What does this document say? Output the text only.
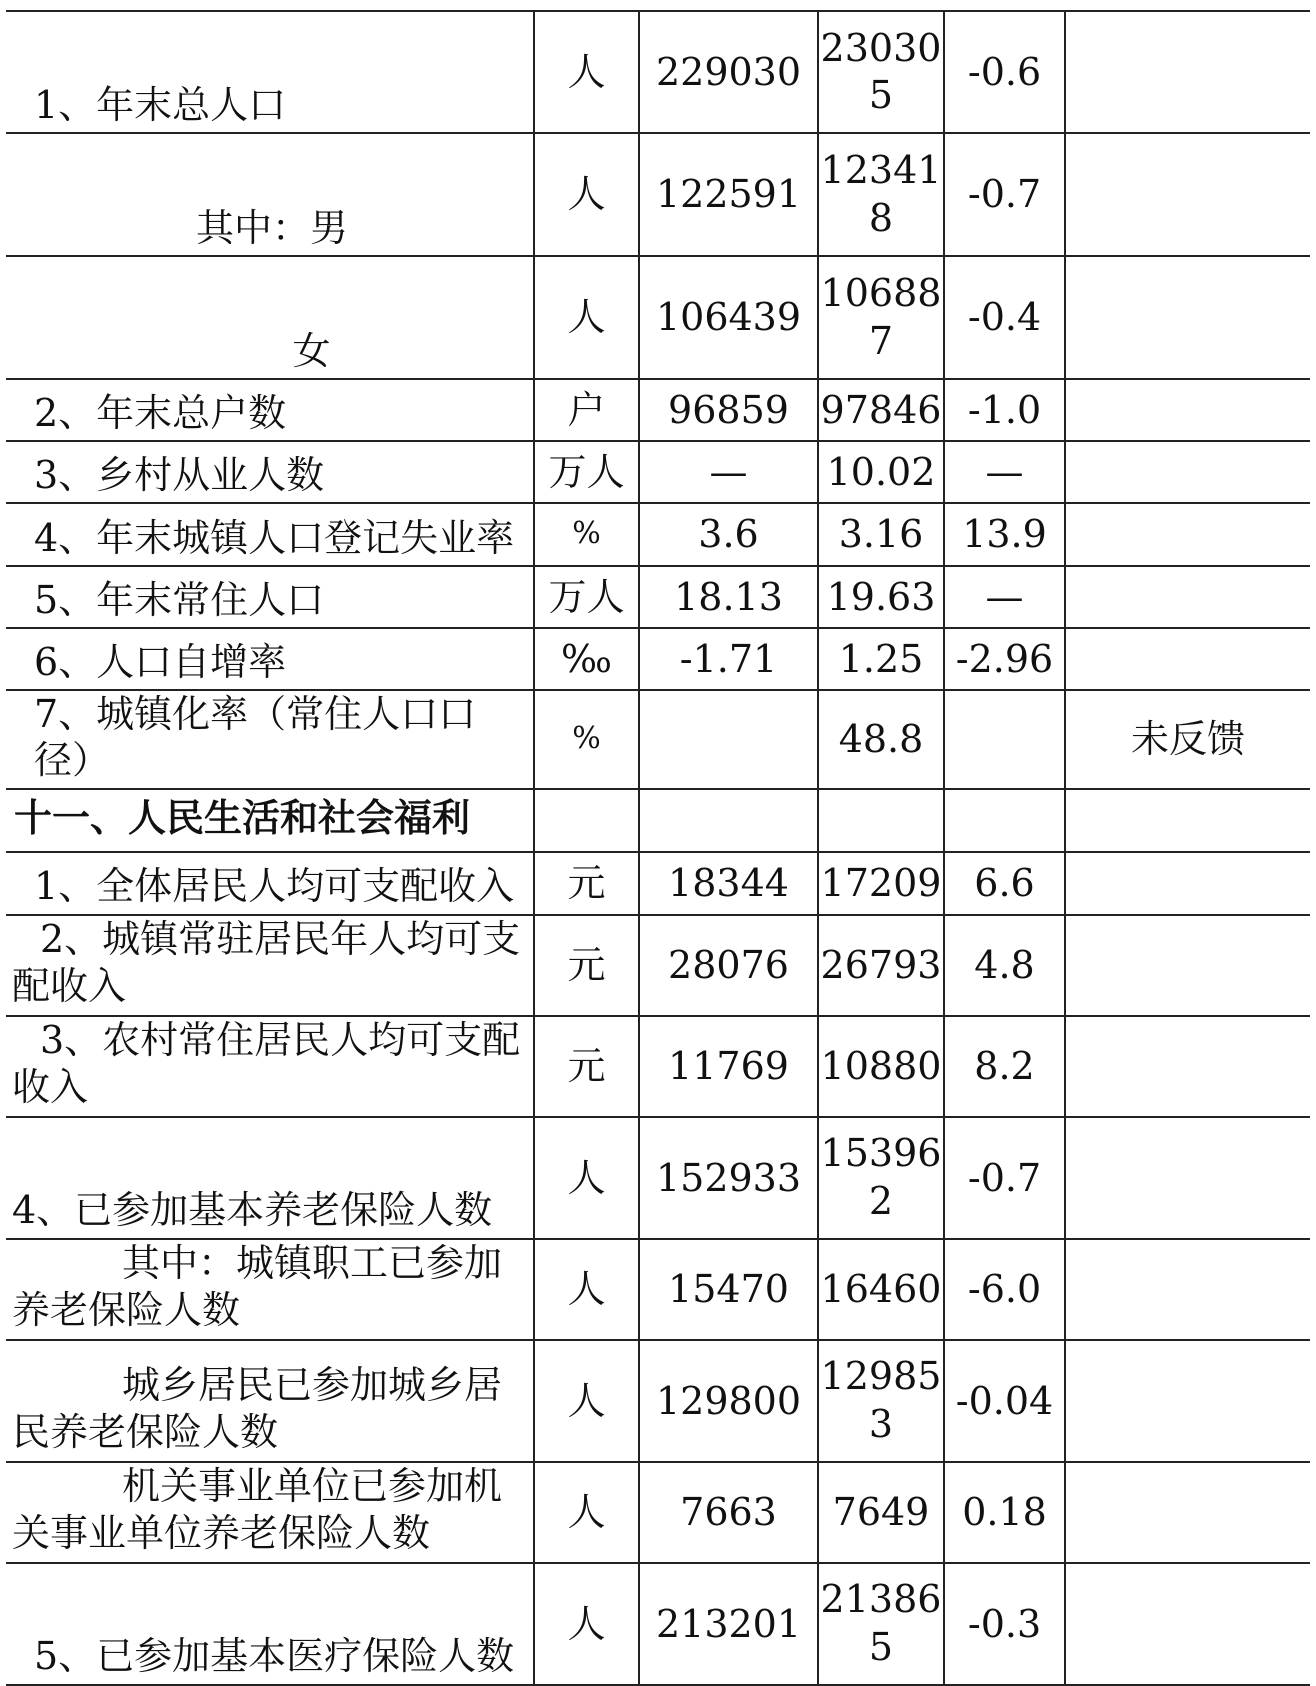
1、年末总人口	人	229030	230305	-0.6	
其中：男	人	122591	123418	-0.7	
女	人	106439	106887	-0.4	
2、年末总户数	户	96859	97846	-1.0	
3、乡村从业人数	万人	—	10.02	—	
4、年末城镇人口登记失业率	%	3.6	3.16	13.9	
5、年末常住人口	万人	18.13	19.63	—	
6、人口自增率	‰	-1.71	1.25	-2.96	
7、城镇化率（常住人口口径）	%		48.8		未反馈
十一、人民生活和社会福利					
1、全体居民人均可支配收入	元	18344	17209	6.6	
2、城镇常驻居民年人均可支配收入	元	28076	26793	4.8	
3、农村常住居民人均可支配收入	元	11769	10880	8.2	
4、已参加基本养老保险人数	人	152933	153962	-0.7	
其中：城镇职工已参加养老保险人数	人	15470	16460	-6.0	
城乡居民已参加城乡居民养老保险人数	人	129800	129853	-0.04	
机关事业单位已参加机关事业单位养老保险人数	人	7663	7649	0.18	
5、已参加基本医疗保险人数	人	213201	213865	-0.3	
